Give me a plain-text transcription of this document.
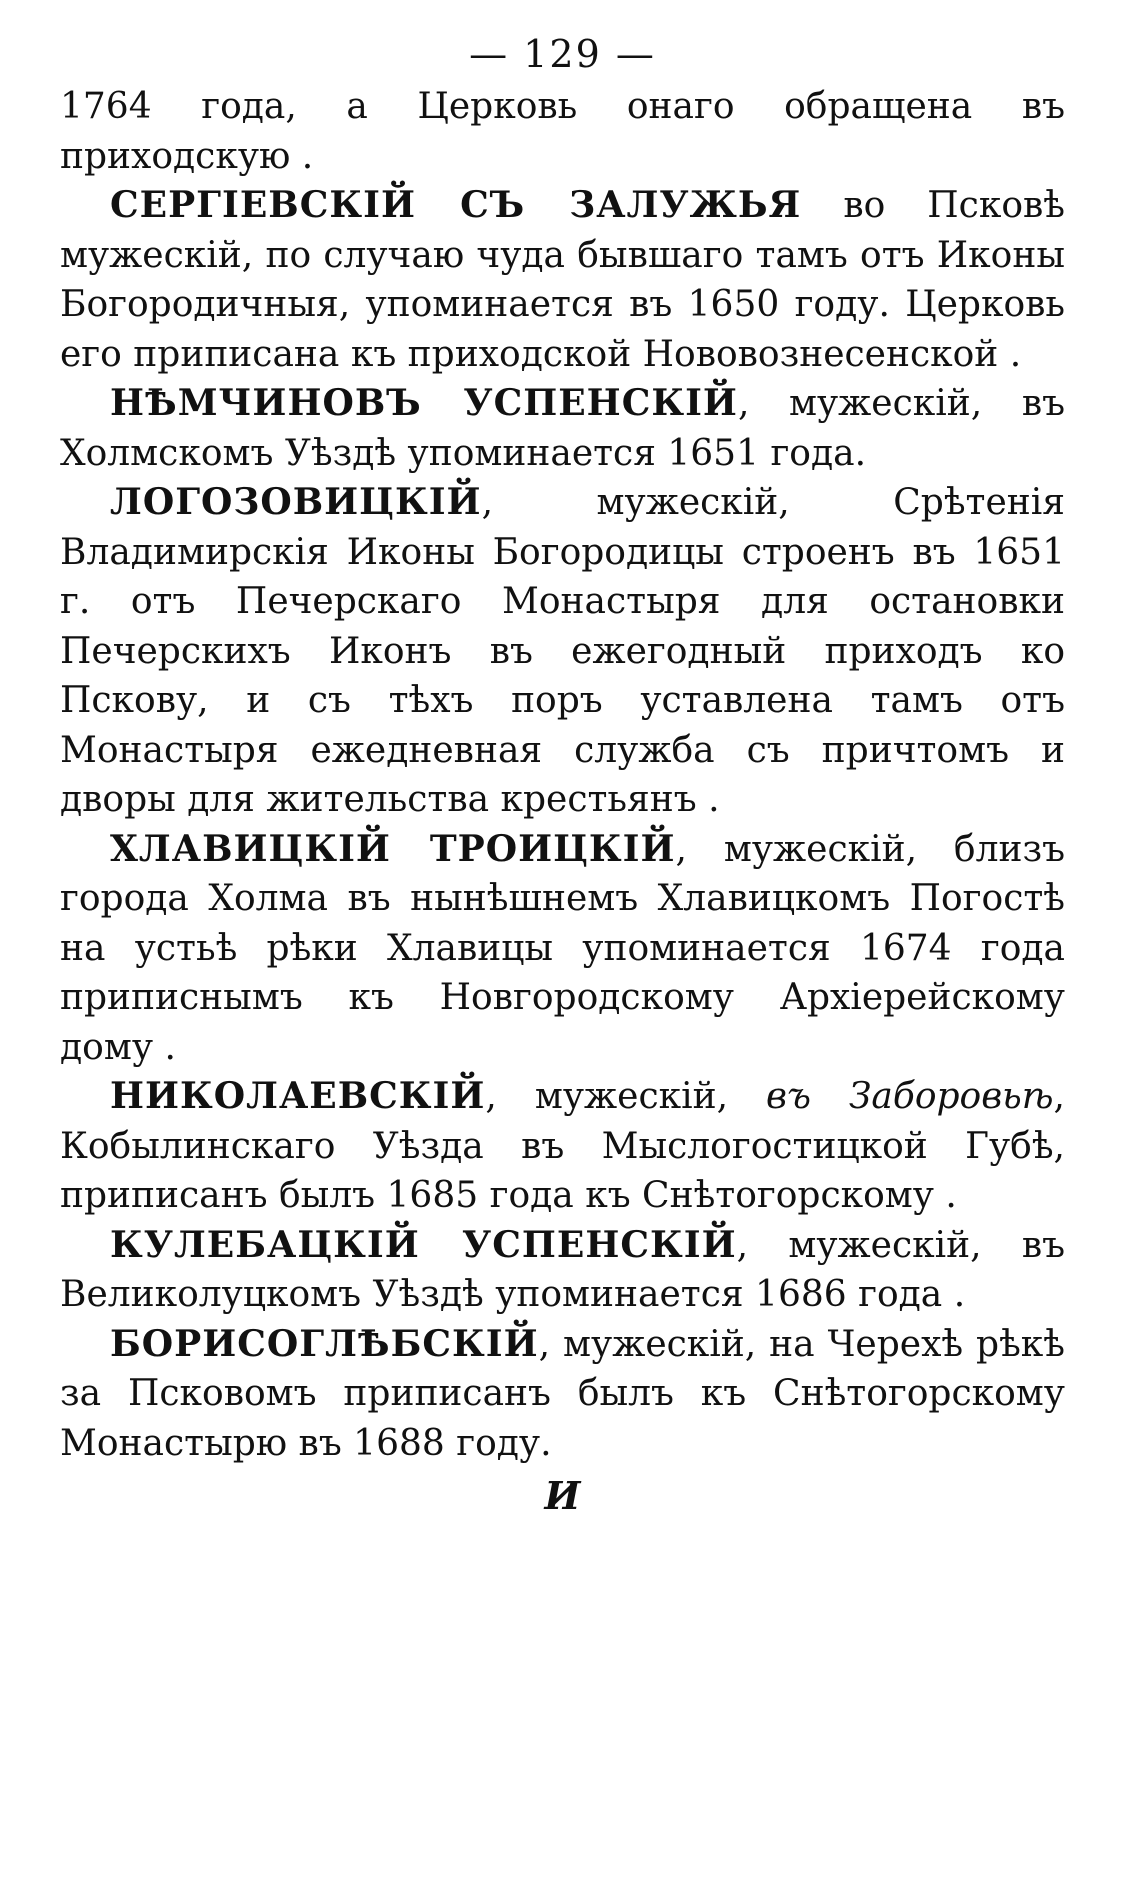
— 129 —

1764 года, а Церковь онаго обращена въ приходскую .

СЕРГІЕВСКІЙ СЪ ЗАЛУЖЬЯ во Псковѣ мужескій, по случаю чуда бывшаго тамъ отъ Иконы Богородичныя, упоминается въ 1650 году. Церковь его приписана къ приходской Нововознесенской .

НѢМЧИНОВЪ УСПЕНСКІЙ, мужескій, въ Холмскомъ Уѣздѣ упоминается 1651 года.

ЛОГОЗОВИЦКІЙ, мужескій, Срѣтенія Владимирскія Иконы Богородицы строенъ въ 1651 г. отъ Печерскаго Монастыря для остановки Печерскихъ Иконъ въ ежегодный приходъ ко Пскову, и съ тѣхъ поръ уставлена тамъ отъ Монастыря ежедневная служба съ причтомъ и дворы для жительства крестьянъ .

ХЛАВИЦКІЙ ТРОИЦКІЙ, мужескій, близъ города Холма въ нынѣшнемъ Хлавицкомъ Погостѣ на устьѣ рѣки Хлавицы упоминается 1674 года приписнымъ къ Новгородскому Архіерейскому дому .

НИКОЛАЕВСКІЙ, мужескій, въ Заборовьѣ, Кобылинскаго Уѣзда въ Мыслогостицкой Губѣ, приписанъ былъ 1685 года къ Снѣтогорскому .

КУЛЕБАЦКІЙ УСПЕНСКІЙ, мужескій, въ Великолуцкомъ Уѣздѣ упоминается 1686 года .

БОРИСОГЛѢБСКІЙ, мужескій, на Черехѣ рѣкѣ за Псковомъ приписанъ былъ къ Снѣтогорскому Монастырю въ 1688 году.

И
